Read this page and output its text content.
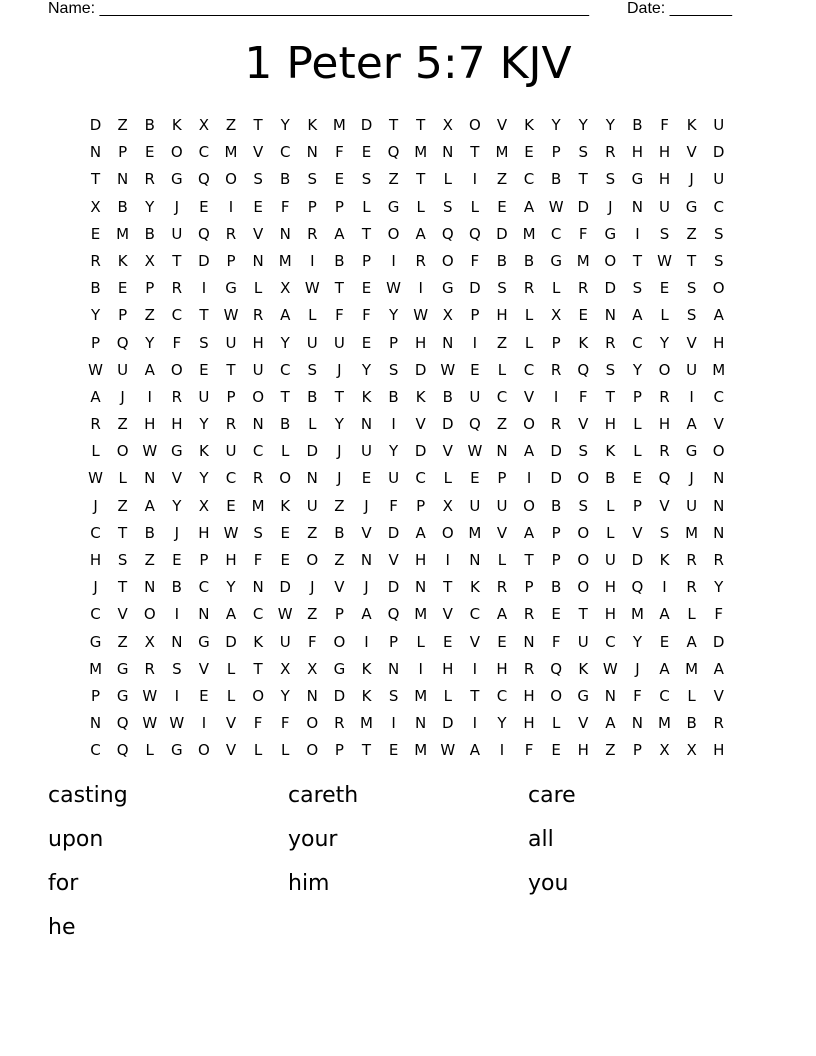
Name: _______________________________________________________ Date: _______
1 Peter 5:7 KJV
D	Z	B	K	X	Z	T	Y	K	M D	T	T	X	O	V	K	Y	Y	Y	B	F	K	U
N	P	E	O	C	M	V	C	N	F	E	Q M	N	T	M	E	P	S	R	H	H	V	D
T	N	R	G	Q	O	S	B	S	E	S	Z	T	L	I	Z	C	B	T	S	G	H	J	U
X	B	Y	J	E	I	E	F	P	P	L	G	L	S	L	E	A W D	J	N	U	G	C
E	M	B	U	Q	R	V	N	R	A	T	O	A	Q	Q	D M	C	F	G	I	S	Z	S
R	K	X	T	D	P	N	M	I	B	P	I	R	O	F	B	B	G M O	T	W	T	S
B	E	P	R	I	G	L	X W	T	E W	I	G	D	S	R	L	R	D	S	E	S	O
Y	P	Z	C	T	W R	A	L	F	F	Y	W X	P	H	L	X	E	N	A	L	S	A
P	Q	Y	F	S	U	H	Y	U	U	E	P	H	N	I	Z	L	P	K	R	C	Y	V	H
W U	A	O	E	T	U	C	S	J	Y	S	D W E	L	C	R	Q	S	Y	O	U	M
A	J	I	R	U	P	O	T	B	T	K	B	K	B	U	C	V	I	F	T	P	R	I	C
R	Z	H	H	Y	R	N	B	L	Y	N	I	V	D	Q	Z	O	R	V	H	L	H	A	V
L	O W G	K	U	C	L	D	J	U	Y	D	V W N	A	D	S	K	L	R	G	O
W	L	N	V	Y	C	R	O	N	J	E	U	C	L	E	P	I	D	O	B	E	Q	J	N
J	Z	A	Y	X	E	M	K	U	Z	J	F	P	X	U	U	O	B	S	L	P	V	U	N
C	T	B	J	H W S	E	Z	B	V	D	A	O M	V	A	P	O	L	V	S	M	N
H	S	Z	E	P	H	F	E	O	Z	N	V	H	I	N	L	T	P	O	U	D	K	R	R
J	T	N	B	C	Y	N	D	J	V	J	D	N	T	K	R	P	B	O	H	Q	I	R	Y
C	V	O	I	N	A	C W Z	P	A	Q M	V	C	A	R	E	T	H M	A	L	F
G	Z	X	N	G	D	K	U	F	O	I	P	L	E	V	E	N	F	U	C	Y	E	A	D
M G	R	S	V	L	T	X	X	G	K	N	I	H	I	H	R	Q	K W	J	A	M	A
P	G W	I	E	L	O	Y	N	D	K	S	M	L	T	C	H	O	G	N	F	C	L	V
N	Q W W	I	V	F	F	O	R	M	I	N	D	I	Y	H	L	V	A	N	M	B	R
C	Q	L	G	O	V	L	L	O	P	T	E	M W A	I	F	E	H	Z	P	X	X	H
casting	careth	care
upon	your	all
for	him	you
he
